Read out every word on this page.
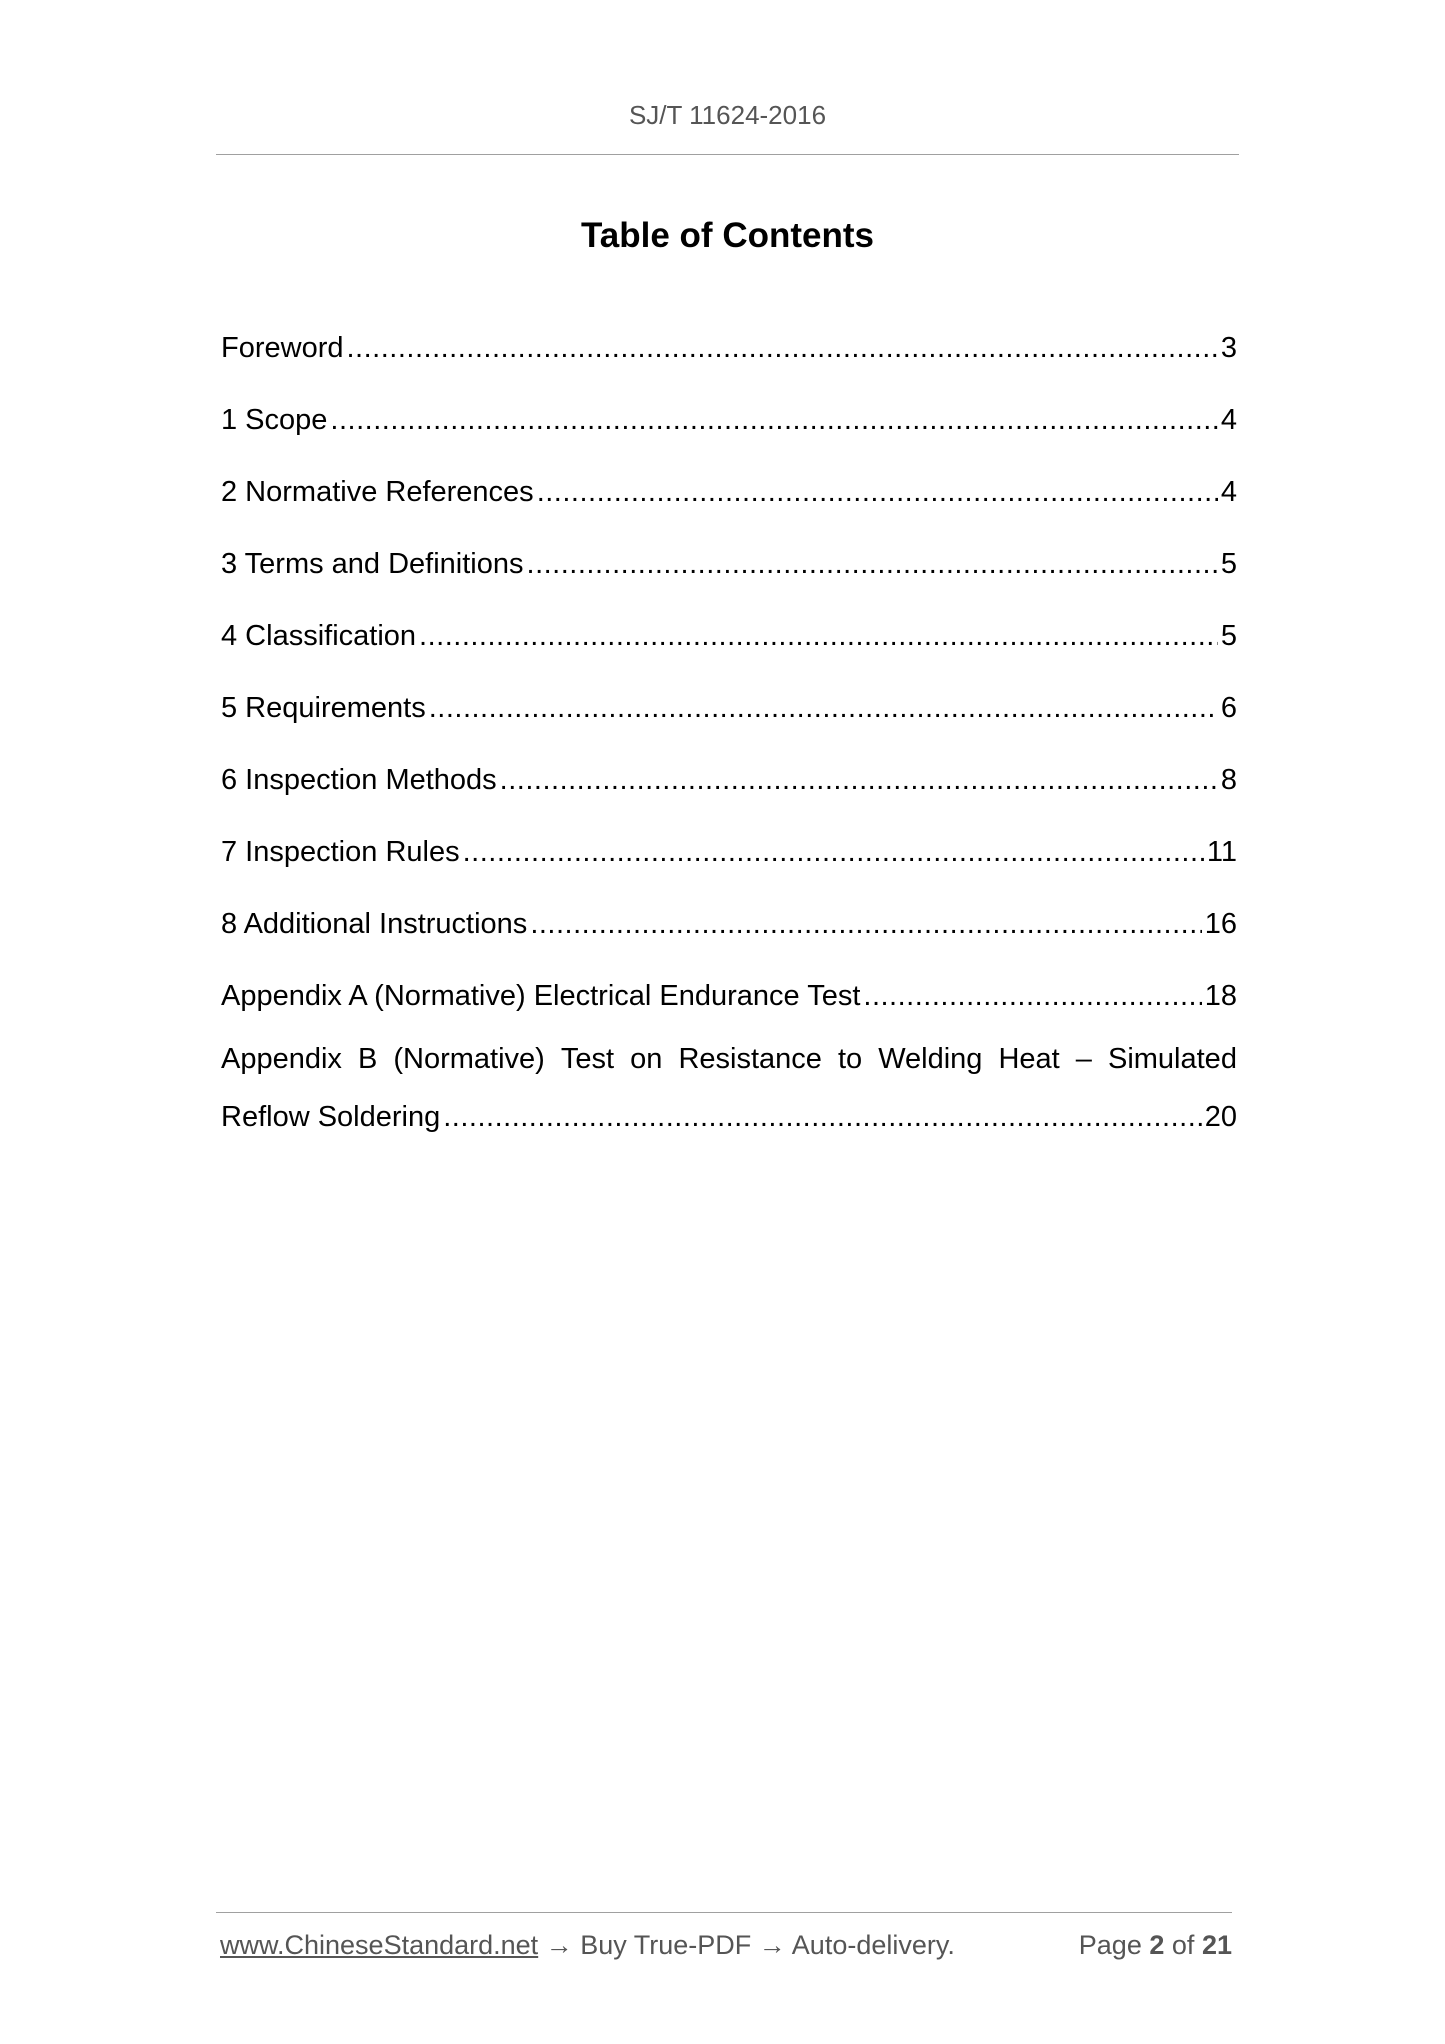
SJ/T 11624-2016
Table of Contents
Foreword .....	3
1 Scope .....	4
2 Normative References .....	4
3 Terms and Definitions .....	5
4 Classification .....	5
5 Requirements .....	6
6 Inspection Methods .....	8
7 Inspection Rules .....	11
8 Additional Instructions .....	16
Appendix A (Normative) Electrical Endurance Test .....	18
Appendix B (Normative) Test on Resistance to Welding Heat – Simulated
Reflow Soldering .....	20
www.ChineseStandard.net → Buy True-PDF → Auto-delivery.	Page 2 of 21
